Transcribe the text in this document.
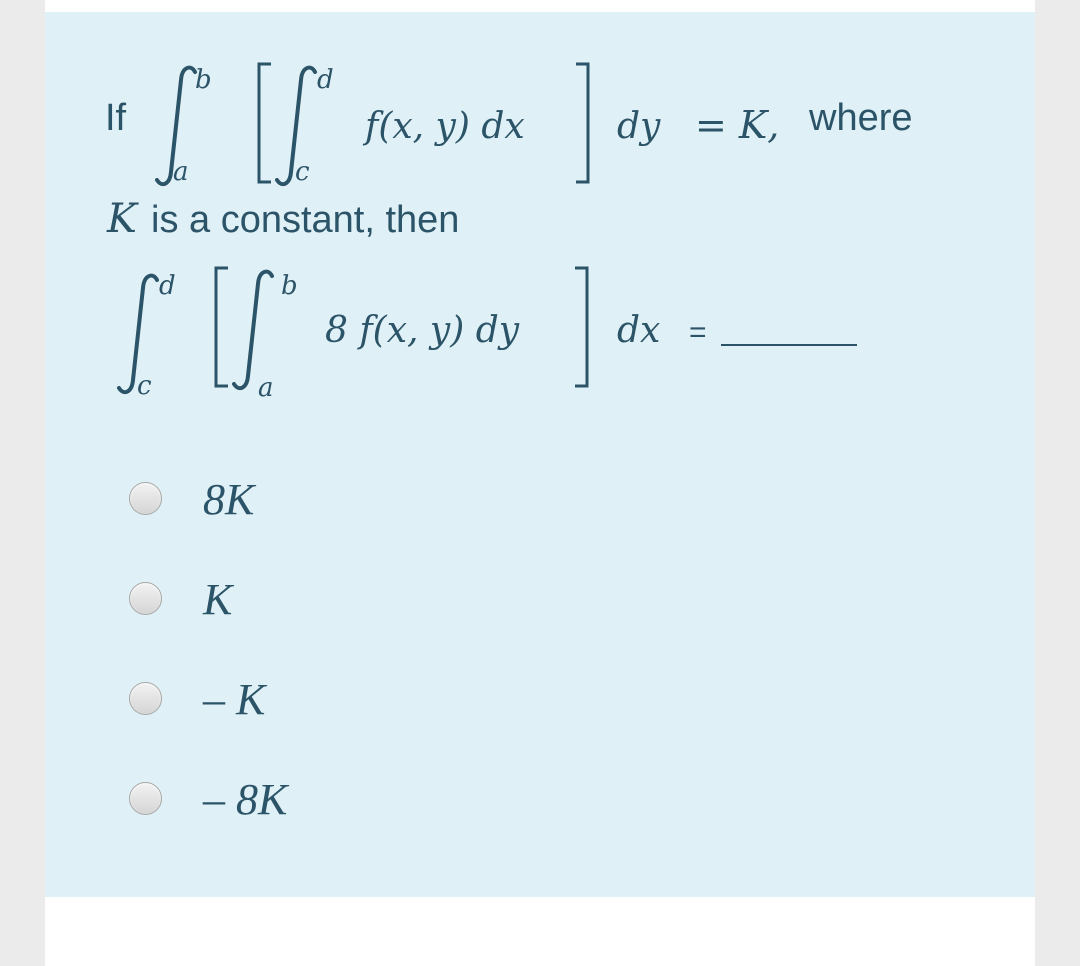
If
b
a
d
c
f(x, y) dx	dy = K, where
K is a constant, then
d
c
b
a
8 f(x, y) dy	dx =
8K
K
– K
– 8K
